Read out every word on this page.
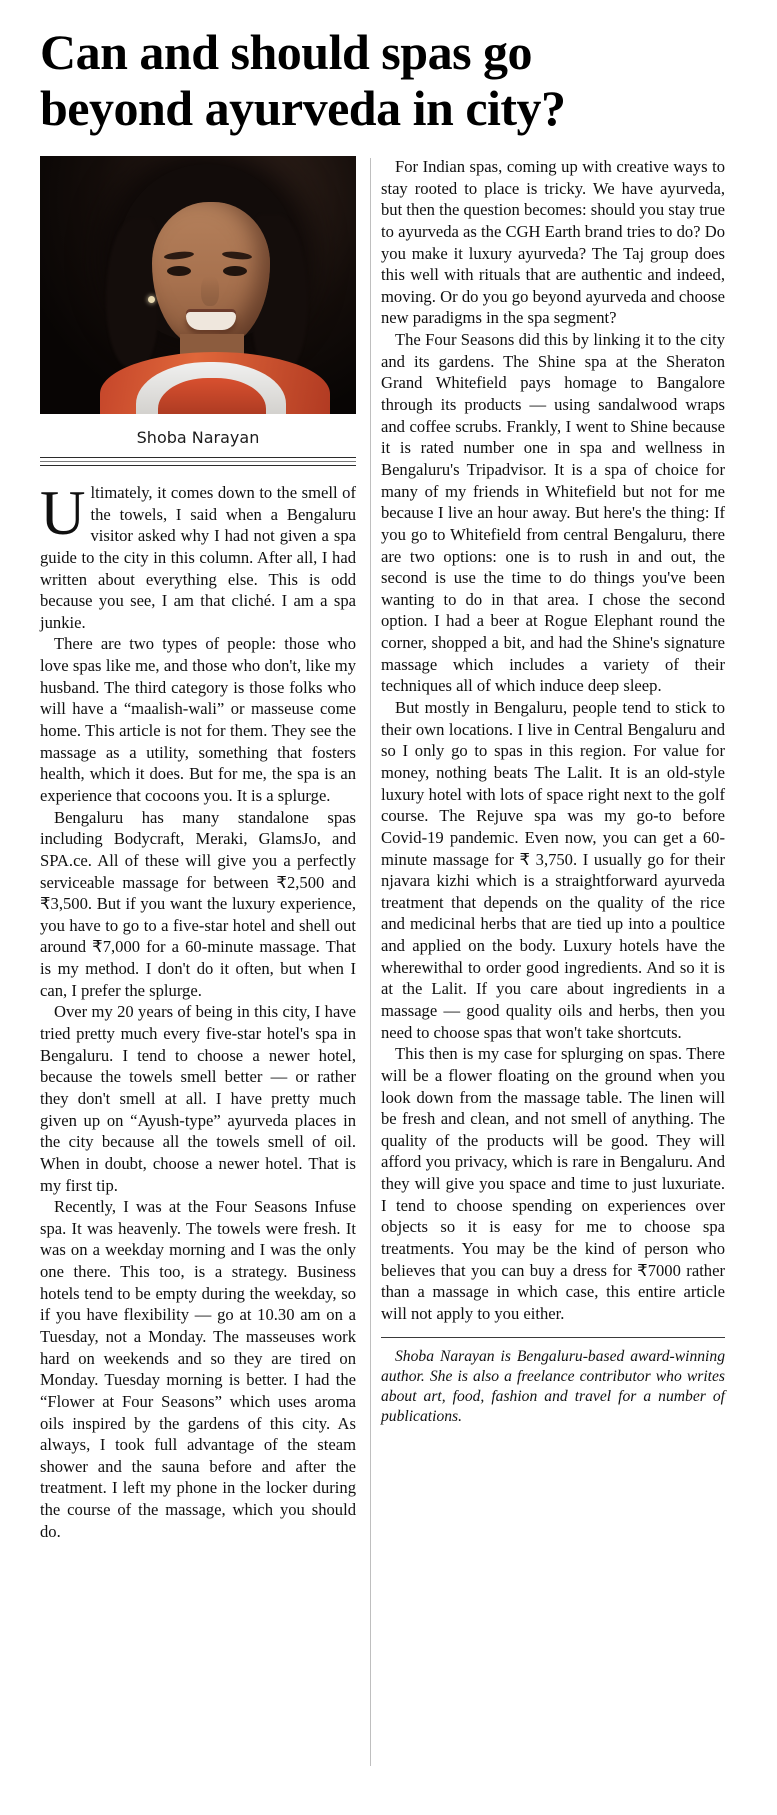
Can and should spas go
beyond ayurveda in city?
Shoba Narayan

Ultimately, it comes down to the smell of the towels, I said when a Bengaluru visitor asked why I had not given a spa guide to the city in this column. After all, I had written about everything else. This is odd because you see, I am that cliché. I am a spa junkie.

There are two types of people: those who love spas like me, and those who don't, like my husband. The third category is those folks who will have a “maalish-wali” or masseuse come home. This article is not for them. They see the massage as a utility, something that fosters health, which it does. But for me, the spa is an experience that cocoons you. It is a splurge.

Bengaluru has many standalone spas including Bodycraft, Meraki, GlamsJo, and SPA.ce. All of these will give you a perfectly serviceable massage for between ₹2,500 and ₹3,500. But if you want the luxury experience, you have to go to a five-star hotel and shell out around ₹7,000 for a 60-minute massage. That is my method. I don't do it often, but when I can, I prefer the splurge.

Over my 20 years of being in this city, I have tried pretty much every five-star hotel's spa in Bengaluru. I tend to choose a newer hotel, because the towels smell better — or rather they don't smell at all. I have pretty much given up on “Ayush-type” ayurveda places in the city because all the towels smell of oil. When in doubt, choose a newer hotel. That is my first tip.

Recently, I was at the Four Seasons Infuse spa. It was heavenly. The towels were fresh. It was on a weekday morning and I was the only one there. This too, is a strategy. Business hotels tend to be empty during the weekday, so if you have flexibility — go at 10.30 am on a Tuesday, not a Monday. The masseuses work hard on weekends and so they are tired on Monday. Tuesday morning is better. I had the “Flower at Four Seasons” which uses aroma oils inspired by the gardens of this city. As always, I took full advantage of the steam shower and the sauna before and after the treatment. I left my phone in the locker during the course of the massage, which you should do.

For Indian spas, coming up with creative ways to stay rooted to place is tricky. We have ayurveda, but then the question becomes: should you stay true to ayurveda as the CGH Earth brand tries to do? Do you make it luxury ayurveda? The Taj group does this well with rituals that are authentic and indeed, moving. Or do you go beyond ayurveda and choose new paradigms in the spa segment?

The Four Seasons did this by linking it to the city and its gardens. The Shine spa at the Sheraton Grand Whitefield pays homage to Bangalore through its products — using sandalwood wraps and coffee scrubs. Frankly, I went to Shine because it is rated number one in spa and wellness in Bengaluru's Tripadvisor. It is a spa of choice for many of my friends in Whitefield but not for me because I live an hour away. But here's the thing: If you go to Whitefield from central Bengaluru, there are two options: one is to rush in and out, the second is use the time to do things you've been wanting to do in that area. I chose the second option. I had a beer at Rogue Elephant round the corner, shopped a bit, and had the Shine's signature massage which includes a variety of their techniques all of which induce deep sleep.

But mostly in Bengaluru, people tend to stick to their own locations. I live in Central Bengaluru and so I only go to spas in this region. For value for money, nothing beats The Lalit. It is an old-style luxury hotel with lots of space right next to the golf course. The Rejuve spa was my go-to before Covid-19 pandemic. Even now, you can get a 60-minute massage for ₹ 3,750. I usually go for their njavara kizhi which is a straightforward ayurveda treatment that depends on the quality of the rice and medicinal herbs that are tied up into a poultice and applied on the body. Luxury hotels have the wherewithal to order good ingredients. And so it is at the Lalit. If you care about ingredients in a massage — good quality oils and herbs, then you need to choose spas that won't take shortcuts.

This then is my case for splurging on spas. There will be a flower floating on the ground when you look down from the massage table. The linen will be fresh and clean, and not smell of anything. The quality of the products will be good. They will afford you privacy, which is rare in Bengaluru. And they will give you space and time to just luxuriate. I tend to choose spending on experiences over objects so it is easy for me to choose spa treatments. You may be the kind of person who believes that you can buy a dress for ₹7000 rather than a massage in which case, this entire article will not apply to you either.

Shoba Narayan is Bengaluru-based award-winning author. She is also a freelance contributor who writes about art, food, fashion and travel for a number of publications.
